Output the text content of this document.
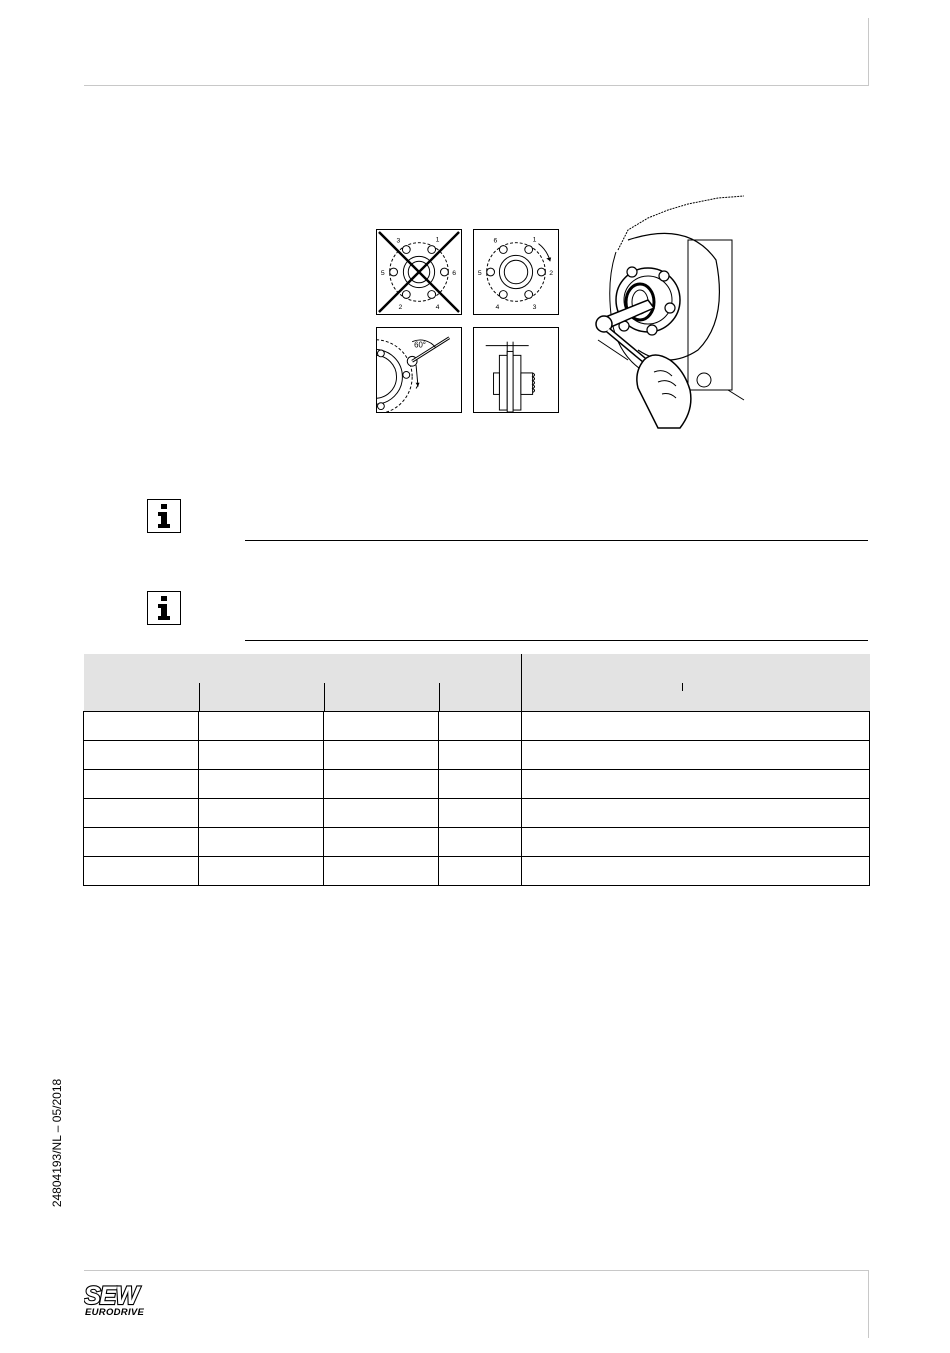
3	1
5	6
2	4
6	1
5	2
4	3
60°

24804193/NL – 05/2018
SEW
EURODRIVE
